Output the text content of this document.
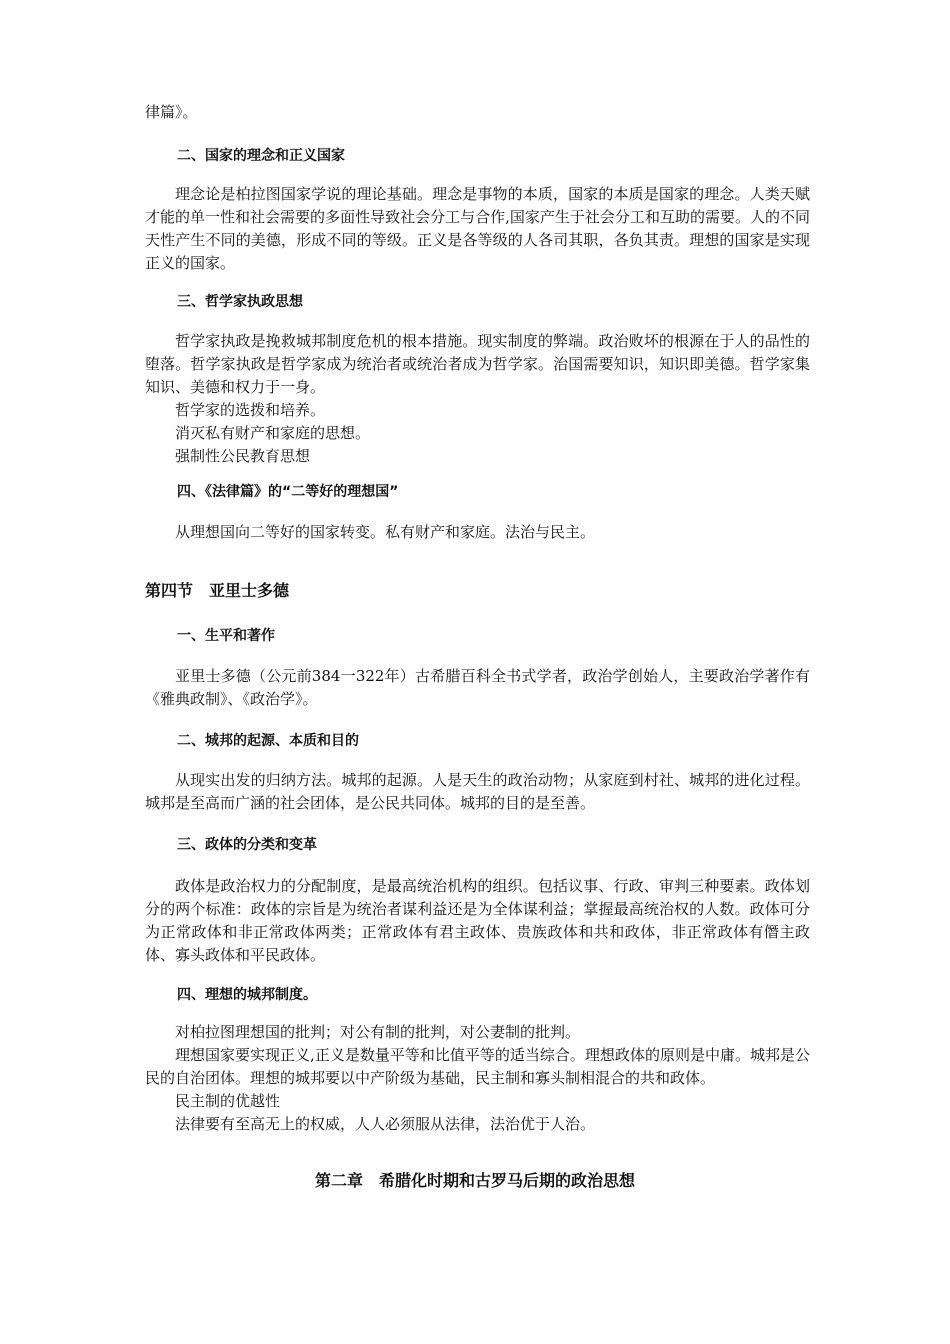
律篇》。

二、国家的理念和正义国家

理念论是柏拉图国家学说的理论基础。理念是事物的本质，国家的本质是国家的理念。人类天赋才能的单一性和社会需要的多面性导致社会分工与合作,国家产生于社会分工和互助的需要。人的不同天性产生不同的美德，形成不同的等级。正义是各等级的人各司其职，各负其责。理想的国家是实现正义的国家。

三、哲学家执政思想

哲学家执政是挽救城邦制度危机的根本措施。现实制度的弊端。政治败坏的根源在于人的品性的堕落。哲学家执政是哲学家成为统治者或统治者成为哲学家。治国需要知识，知识即美德。哲学家集知识、美德和权力于一身。

哲学家的选拨和培养。

消灭私有财产和家庭的思想。

强制性公民教育思想

四、《法律篇》的“二等好的理想国”

从理想国向二等好的国家转变。私有财产和家庭。法治与民主。

第四节　亚里士多德

一、生平和著作

亚里士多德（公元前384一322年）古希腊百科全书式学者，政治学创始人，主要政治学著作有《雅典政制》、《政治学》。

二、城邦的起源、本质和目的

从现实出发的归纳方法。城邦的起源。人是天生的政治动物；从家庭到村社、城邦的进化过程。城邦是至高而广涵的社会团体，是公民共同体。城邦的目的是至善。

三、政体的分类和变革

政体是政治权力的分配制度，是最高统治机构的组织。包括议事、行政、审判三种要素。政体划分的两个标准：政体的宗旨是为统治者谋利益还是为全体谋利益；掌握最高统治权的人数。政体可分为正常政体和非正常政体两类；正常政体有君主政体、贵族政体和共和政体，非正常政体有僭主政体、寡头政体和平民政体。

四、理想的城邦制度。

对柏拉图理想国的批判；对公有制的批判，对公妻制的批判。

理想国家要实现正义,正义是数量平等和比值平等的适当综合。理想政体的原则是中庸。城邦是公民的自治团体。理想的城邦要以中产阶级为基础，民主制和寡头制相混合的共和政体。

民主制的优越性

法律要有至高无上的权威，人人必须服从法律，法治优于人治。

第二章　希腊化时期和古罗马后期的政治思想
